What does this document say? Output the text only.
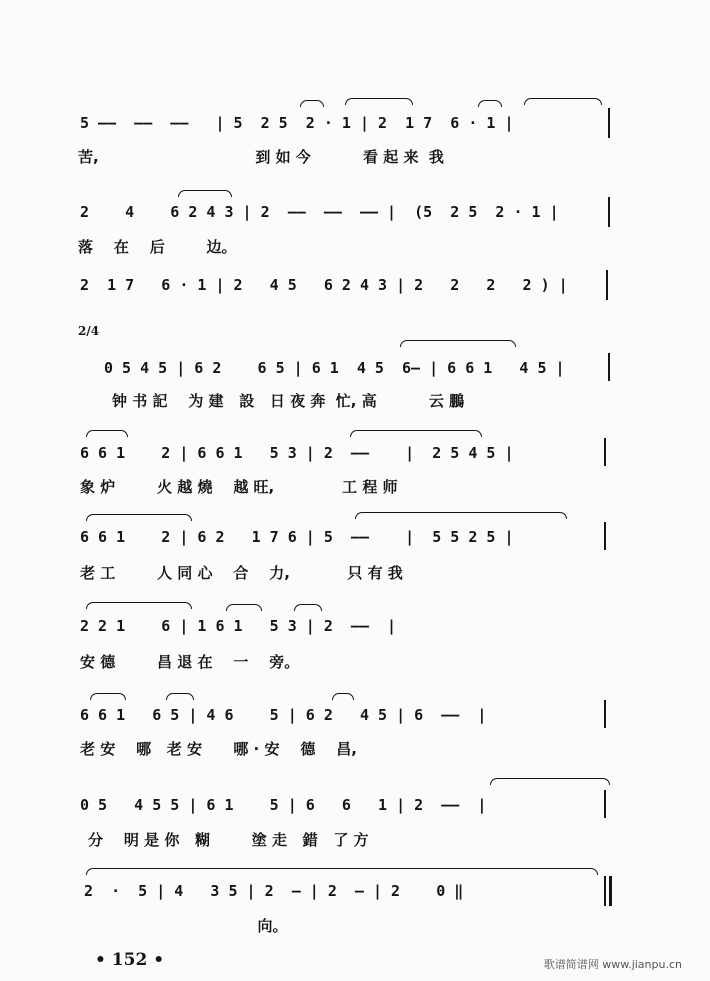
5 ——  ——  ——   | 5  2 5  2 · 1 | 2  1 7  6 · 1 |
苦,                              到 如 今          看 起 来  我
2    4    6 2 4 3 | 2  ——  ——  —— |  (5  2 5  2 · 1 |
落    在    后        边。
2  1 7   6 · 1 | 2   4 5   6 2 4 3 | 2   2   2   2 ) |
2/4
0 5 4 5 | 6 2    6 5 | 6 1  4 5  6— | 6 6 1   4 5 |
钟 书 記    为 建   設   日 夜 奔  忙, 高          云 鵬
6 6 1    2 | 6 6 1   5 3 | 2  ——    |  2 5 4 5 |
象 炉        火 越 燒    越 旺,             工 程 师
6 6 1    2 | 6 2   1 7 6 | 5  ——    |  5 5 2 5 |
老 工        人 同 心    合    力,           只 有 我
2 2 1    6 | 1 6 1   5 3 | 2  ——  |
安 德        昌 退 在    一    旁。
6 6 1   6 5 | 4 6    5 | 6 2   4 5 | 6  ——  |
老 安    哪   老 安      哪 · 安    德    昌,
0 5   4 5 5 | 6 1    5 | 6   6   1 | 2  ——  |
分    明 是 你   糊        塗 走   錯   了 方
2  ·  5 | 4   3 5 | 2  — | 2  — | 2    0 ‖
向。
• 152 •	歌谱简谱网 www.jianpu.cn
